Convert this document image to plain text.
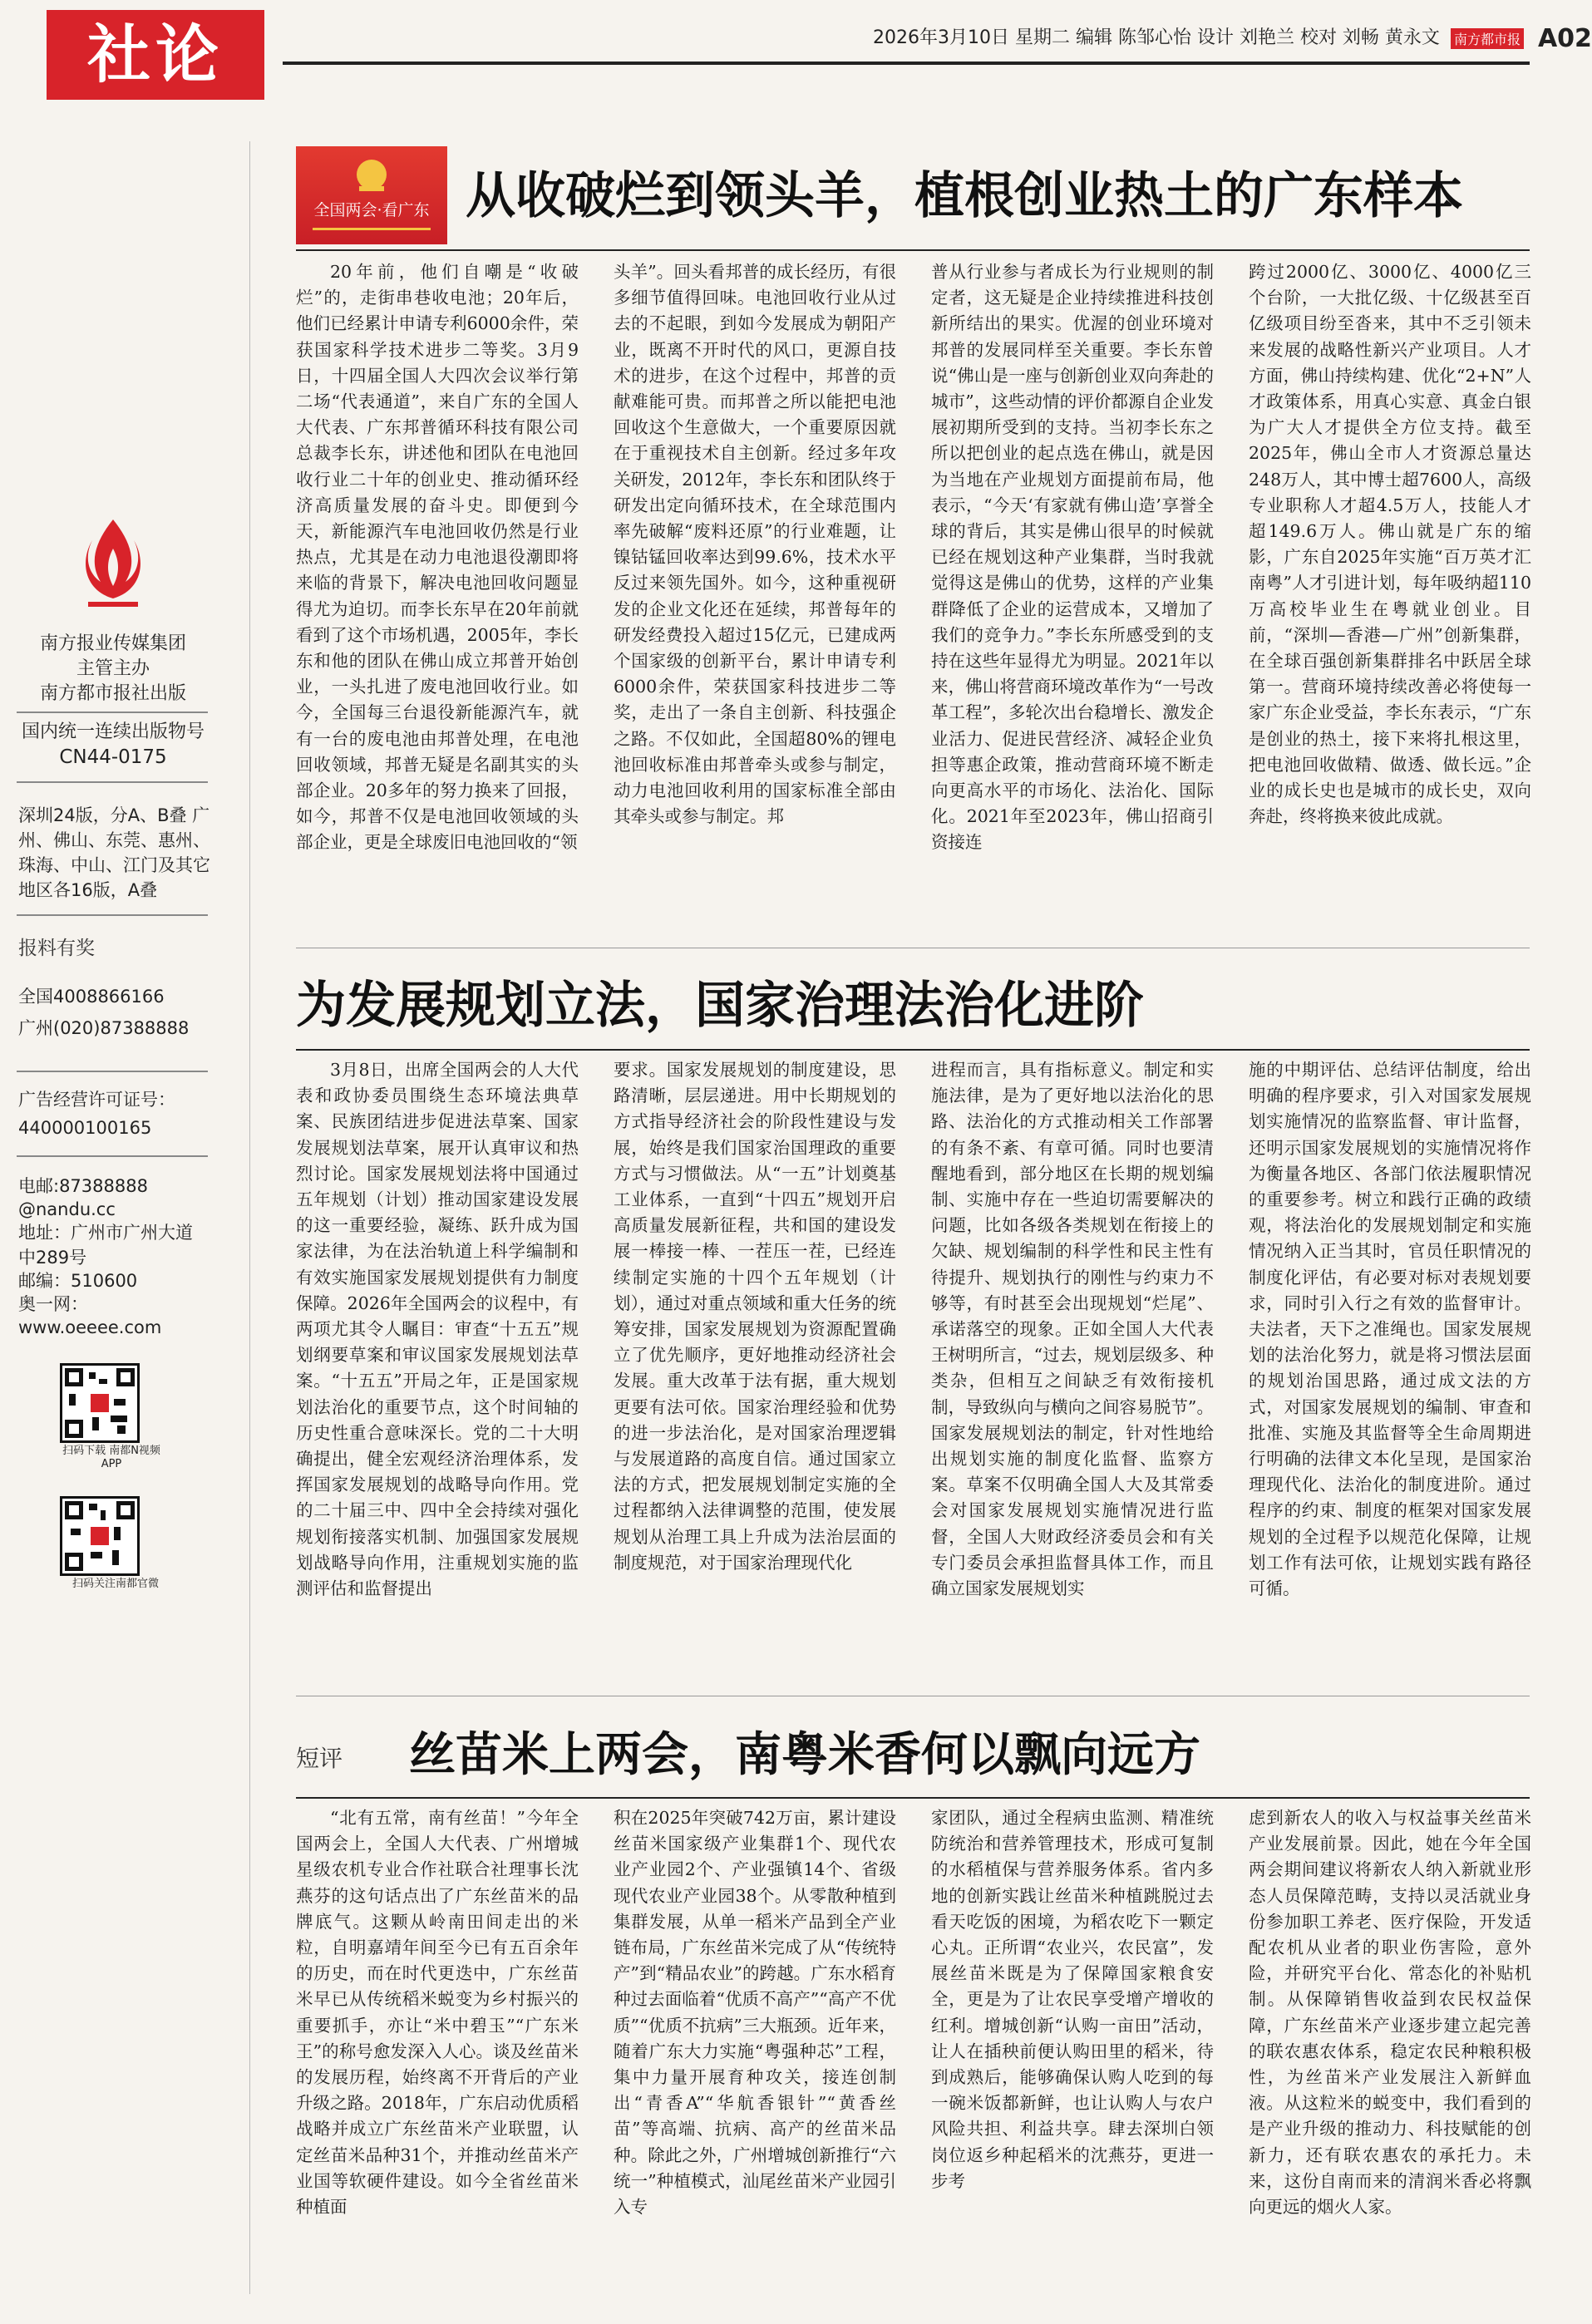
社论	2026年3月10日 星期二 编辑 陈邹心怡 设计 刘艳兰 校对 刘畅 黄永文 南方都市报 A02
南方报业传媒集团
主管主办
南方都市报社出版
国内统一连续出版物号
CN44-0175
深圳24版，分A、B叠 广州、佛山、东莞、惠州、珠海、中山、江门及其它地区各16版，A叠
报料有奖
全国4008866166
广州(020)87388888
广告经营许可证号：
440000100165
电邮:87388888
@nandu.cc
地址：广州市广州大道中289号
邮编：510600
奥一网：
www.oeeee.com
扫码下载 南都N视频APP
扫码关注南都官微
全国两会·看广东 从收破烂到领头羊，植根创业热土的广东样本

20年前，他们自嘲是“收破烂”的，走街串巷收电池；20年后，他们已经累计申请专利6000余件，荣获国家科学技术进步二等奖。3月9日，十四届全国人大四次会议举行第二场“代表通道”，来自广东的全国人大代表、广东邦普循环科技有限公司总裁李长东，讲述他和团队在电池回收行业二十年的创业史、推动循环经济高质量发展的奋斗史。即便到今天，新能源汽车电池回收仍然是行业热点，尤其是在动力电池退役潮即将来临的背景下，解决电池回收问题显得尤为迫切。而李长东早在20年前就看到了这个市场机遇，2005年，李长东和他的团队在佛山成立邦普开始创业，一头扎进了废电池回收行业。如今，全国每三台退役新能源汽车，就有一台的废电池由邦普处理，在电池回收领域，邦普无疑是名副其实的头部企业。20多年的努力换来了回报，如今，邦普不仅是电池回收领域的头部企业，更是全球废旧电池回收的“领

头羊”。回头看邦普的成长经历，有很多细节值得回味。电池回收行业从过去的不起眼，到如今发展成为朝阳产业，既离不开时代的风口，更源自技术的进步，在这个过程中，邦普的贡献难能可贵。而邦普之所以能把电池回收这个生意做大，一个重要原因就在于重视技术自主创新。经过多年攻关研发，2012年，李长东和团队终于研发出定向循环技术，在全球范围内率先破解“废料还原”的行业难题，让镍钴锰回收率达到99.6%，技术水平反过来领先国外。如今，这种重视研发的企业文化还在延续，邦普每年的研发经费投入超过15亿元，已建成两个国家级的创新平台，累计申请专利6000余件，荣获国家科技进步二等奖，走出了一条自主创新、科技强企之路。不仅如此，全国超80%的锂电池回收标准由邦普牵头或参与制定，动力电池回收利用的国家标准全部由其牵头或参与制定。邦

普从行业参与者成长为行业规则的制定者，这无疑是企业持续推进科技创新所结出的果实。优渥的创业环境对邦普的发展同样至关重要。李长东曾说“佛山是一座与创新创业双向奔赴的城市”，这些动情的评价都源自企业发展初期所受到的支持。当初李长东之所以把创业的起点选在佛山，就是因为当地在产业规划方面提前布局，他表示，“今天‘有家就有佛山造’享誉全球的背后，其实是佛山很早的时候就已经在规划这种产业集群，当时我就觉得这是佛山的优势，这样的产业集群降低了企业的运营成本，又增加了我们的竞争力。”李长东所感受到的支持在这些年显得尤为明显。2021年以来，佛山将营商环境改革作为“一号改革工程”，多轮次出台稳增长、激发企业活力、促进民营经济、减轻企业负担等惠企政策，推动营商环境不断走向更高水平的市场化、法治化、国际化。2021年至2023年，佛山招商引资接连

跨过2000亿、3000亿、4000亿三个台阶，一大批亿级、十亿级甚至百亿级项目纷至沓来，其中不乏引领未来发展的战略性新兴产业项目。人才方面，佛山持续构建、优化“2+N”人才政策体系，用真心实意、真金白银为广大人才提供全方位支持。截至2025年，佛山全市人才资源总量达248万人，其中博士超7600人，高级专业职称人才超4.5万人，技能人才超149.6万人。佛山就是广东的缩影，广东自2025年实施“百万英才汇南粤”人才引进计划，每年吸纳超110万高校毕业生在粤就业创业。目前，“深圳—香港—广州”创新集群，在全球百强创新集群排名中跃居全球第一。营商环境持续改善必将使每一家广东企业受益，李长东表示，“广东是创业的热土，接下来将扎根这里，把电池回收做精、做透、做长远。”企业的成长史也是城市的成长史，双向奔赴，终将换来彼此成就。

为发展规划立法，国家治理法治化进阶

3月8日，出席全国两会的人大代表和政协委员围绕生态环境法典草案、民族团结进步促进法草案、国家发展规划法草案，展开认真审议和热烈讨论。国家发展规划法将中国通过五年规划（计划）推动国家建设发展的这一重要经验，凝练、跃升成为国家法律，为在法治轨道上科学编制和有效实施国家发展规划提供有力制度保障。2026年全国两会的议程中，有两项尤其令人瞩目：审查“十五五”规划纲要草案和审议国家发展规划法草案。“十五五”开局之年，正是国家规划法治化的重要节点，这个时间轴的历史性重合意味深长。党的二十大明确提出，健全宏观经济治理体系，发挥国家发展规划的战略导向作用。党的二十届三中、四中全会持续对强化规划衔接落实机制、加强国家发展规划战略导向作用，注重规划实施的监测评估和监督提出

要求。国家发展规划的制度建设，思路清晰，层层递进。用中长期规划的方式指导经济社会的阶段性建设与发展，始终是我们国家治国理政的重要方式与习惯做法。从“一五”计划奠基工业体系，一直到“十四五”规划开启高质量发展新征程，共和国的建设发展一棒接一棒、一茬压一茬，已经连续制定实施的十四个五年规划（计划），通过对重点领域和重大任务的统筹安排，国家发展规划为资源配置确立了优先顺序，更好地推动经济社会发展。重大改革于法有据，重大规划更要有法可依。国家治理经验和优势的进一步法治化，是对国家治理逻辑与发展道路的高度自信。通过国家立法的方式，把发展规划制定实施的全过程都纳入法律调整的范围，使发展规划从治理工具上升成为法治层面的制度规范，对于国家治理现代化

进程而言，具有指标意义。制定和实施法律，是为了更好地以法治化的思路、法治化的方式推动相关工作部署的有条不紊、有章可循。同时也要清醒地看到，部分地区在长期的规划编制、实施中存在一些迫切需要解决的问题，比如各级各类规划在衔接上的欠缺、规划编制的科学性和民主性有待提升、规划执行的刚性与约束力不够等，有时甚至会出现规划“烂尾”、承诺落空的现象。正如全国人大代表王树明所言，“过去，规划层级多、种类杂，但相互之间缺乏有效衔接机制，导致纵向与横向之间容易脱节”。国家发展规划法的制定，针对性地给出规划实施的制度化监督、监察方案。草案不仅明确全国人大及其常委会对国家发展规划实施情况进行监督，全国人大财政经济委员会和有关专门委员会承担监督具体工作，而且确立国家发展规划实

施的中期评估、总结评估制度，给出明确的程序要求，引入对国家发展规划实施情况的监察监督、审计监督，还明示国家发展规划的实施情况将作为衡量各地区、各部门依法履职情况的重要参考。树立和践行正确的政绩观，将法治化的发展规划制定和实施情况纳入正当其时，官员任职情况的制度化评估，有必要对标对表规划要求，同时引入行之有效的监督审计。夫法者，天下之准绳也。国家发展规划的法治化努力，就是将习惯法层面的规划治国思路，通过成文法的方式，对国家发展规划的编制、审查和批准、实施及其监督等全生命周期进行明确的法律文本化呈现，是国家治理现代化、法治化的制度进阶。通过程序的约束、制度的框架对国家发展规划的全过程予以规范化保障，让规划工作有法可依，让规划实践有路径可循。

短评 丝苗米上两会，南粤米香何以飘向远方

“北有五常，南有丝苗！”今年全国两会上，全国人大代表、广州增城星级农机专业合作社联合社理事长沈燕芬的这句话点出了广东丝苗米的品牌底气。这颗从岭南田间走出的米粒，自明嘉靖年间至今已有五百余年的历史，而在时代更迭中，广东丝苗米早已从传统稻米蜕变为乡村振兴的重要抓手，亦让“米中碧玉”“广东米王”的称号愈发深入人心。谈及丝苗米的发展历程，始终离不开背后的产业升级之路。2018年，广东启动优质稻战略并成立广东丝苗米产业联盟，认定丝苗米品种31个，并推动丝苗米产业国等软硬件建设。如今全省丝苗米种植面

积在2025年突破742万亩，累计建设丝苗米国家级产业集群1个、现代农业产业园2个、产业强镇14个、省级现代农业产业园38个。从零散种植到集群发展，从单一稻米产品到全产业链布局，广东丝苗米完成了从“传统特产”到“精品农业”的跨越。广东水稻育种过去面临着“优质不高产”“高产不优质”“优质不抗病”三大瓶颈。近年来，随着广东大力实施“粤强种芯”工程，集中力量开展育种攻关，接连创制出“青香A”“华航香银针”“黄香丝苗”等高端、抗病、高产的丝苗米品种。除此之外，广州增城创新推行“六统一”种植模式，汕尾丝苗米产业园引入专

家团队，通过全程病虫监测、精准统防统治和营养管理技术，形成可复制的水稻植保与营养服务体系。省内多地的创新实践让丝苗米种植跳脱过去看天吃饭的困境，为稻农吃下一颗定心丸。正所谓“农业兴，农民富”，发展丝苗米既是为了保障国家粮食安全，更是为了让农民享受增产增收的红利。增城创新“认购一亩田”活动，让人在插秧前便认购田里的稻米，待到成熟后，能够确保认购人吃到的每一碗米饭都新鲜，也让认购人与农户风险共担、利益共享。肆去深圳白领岗位返乡种起稻米的沈燕芬，更进一步考

虑到新农人的收入与权益事关丝苗米产业发展前景。因此，她在今年全国两会期间建议将新农人纳入新就业形态人员保障范畴，支持以灵活就业身份参加职工养老、医疗保险，开发适配农机从业者的职业伤害险，意外险，并研究平台化、常态化的补贴机制。从保障销售收益到农民权益保障，广东丝苗米产业逐步建立起完善的联农惠农体系，稳定农民种粮积极性，为丝苗米产业发展注入新鲜血液。从这粒米的蜕变中，我们看到的是产业升级的推动力、科技赋能的创新力，还有联农惠农的承托力。未来，这份自南而来的清润米香必将飘向更远的烟火人家。
